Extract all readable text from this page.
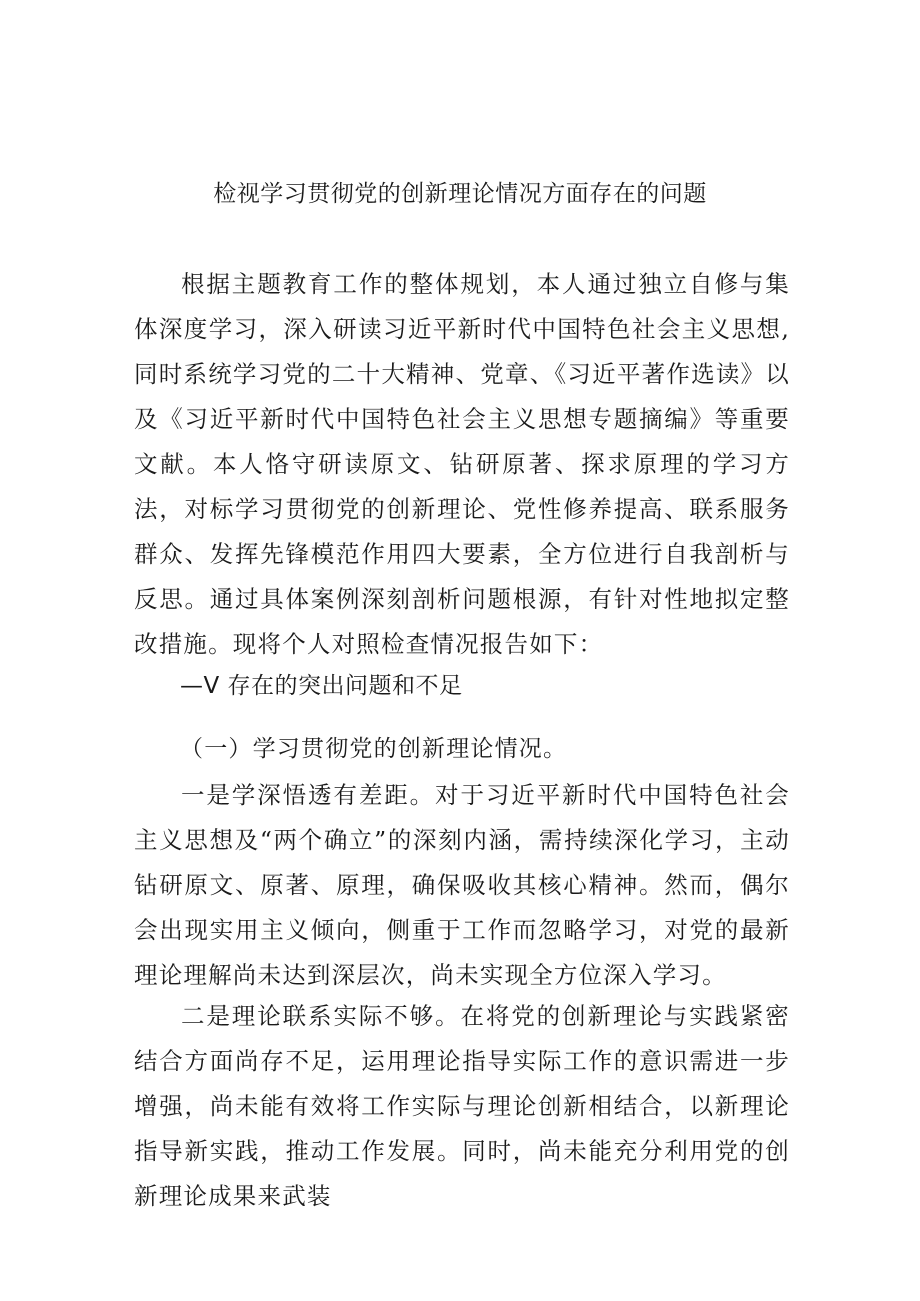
检视学习贯彻党的创新理论情况方面存在的问题

根据主题教育工作的整体规划，本人通过独立自修与集体深度学习，深入研读习近平新时代中国特色社会主义思想,同时系统学习党的二十大精神、党章、《习近平著作选读》以及《习近平新时代中国特色社会主义思想专题摘编》等重要文献。本人恪守研读原文、钻研原著、探求原理的学习方法，对标学习贯彻党的创新理论、党性修养提高、联系服务群众、发挥先锋模范作用四大要素，全方位进行自我剖析与反思。通过具体案例深刻剖析问题根源，有针对性地拟定整改措施。现将个人对照检查情况报告如下：

—V 存在的突出问题和不足

（一）学习贯彻党的创新理论情况。

一是学深悟透有差距。对于习近平新时代中国特色社会主义思想及“两个确立”的深刻内涵，需持续深化学习，主动钻研原文、原著、原理，确保吸收其核心精神。然而，偶尔会出现实用主义倾向，侧重于工作而忽略学习，对党的最新理论理解尚未达到深层次，尚未实现全方位深入学习。

二是理论联系实际不够。在将党的创新理论与实践紧密结合方面尚存不足，运用理论指导实际工作的意识需进一步增强，尚未能有效将工作实际与理论创新相结合，以新理论指导新实践，推动工作发展。同时，尚未能充分利用党的创新理论成果来武装
